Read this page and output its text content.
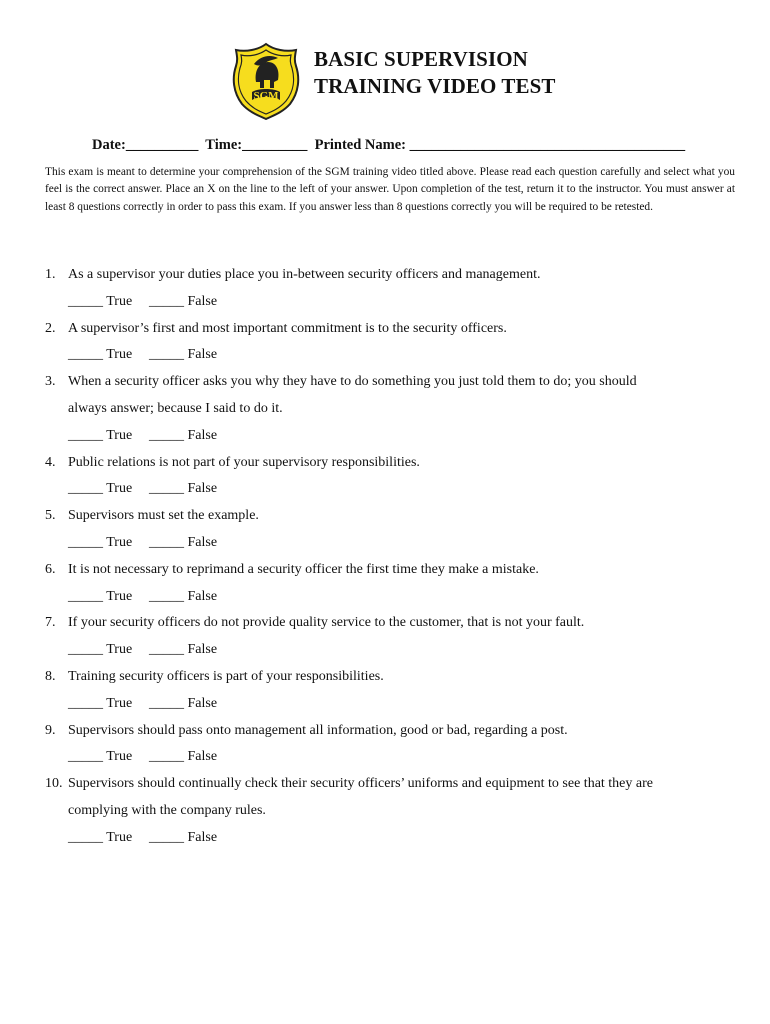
SGM
BASIC SUPERVISION
TRAINING VIDEO TEST
Date:__________  Time:_________  Printed Name: ______________________________________
This exam is meant to determine your comprehension of the SGM training video titled above. Please read each question carefully and select what you feel is the correct answer. Place an X on the line to the left of your answer. Upon completion of the test, return it to the instructor. You must answer at least 8 questions correctly in order to pass this exam. If you answer less than 8 questions correctly you will be required to be retested.
1. As a supervisor your duties place you in-between security officers and management.
_____ True _____ False
2. A supervisor’s first and most important commitment is to the security officers.
_____ True _____ False
3. When a security officer asks you why they have to do something you just told them to do; you should
always answer; because I said to do it.
_____ True _____ False
4. Public relations is not part of your supervisory responsibilities.
_____ True _____ False
5. Supervisors must set the example.
_____ True _____ False
6. It is not necessary to reprimand a security officer the first time they make a mistake.
_____ True _____ False
7. If your security officers do not provide quality service to the customer, that is not your fault.
_____ True _____ False
8. Training security officers is part of your responsibilities.
_____ True _____ False
9. Supervisors should pass onto management all information, good or bad, regarding a post.
_____ True _____ False
10. Supervisors should continually check their security officers’ uniforms and equipment to see that they are
complying with the company rules.
_____ True _____ False
